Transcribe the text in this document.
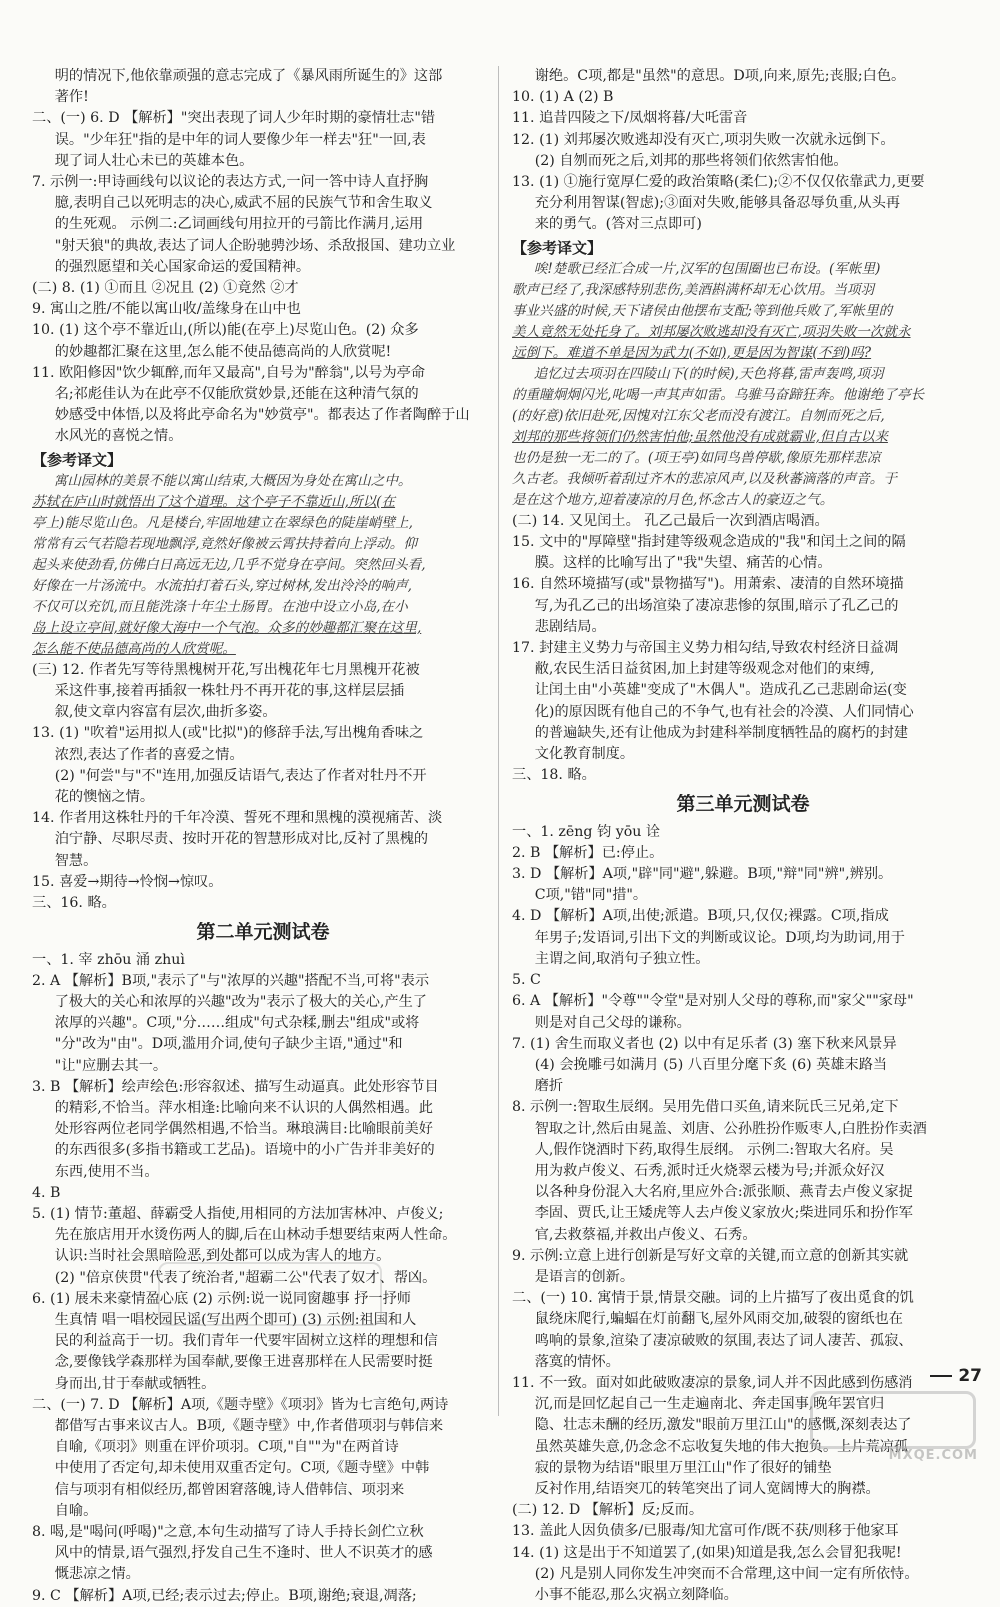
明的情况下,他依靠顽强的意志完成了《暴风雨所诞生的》这部
著作!
二、(一) 6. D 【解析】"突出表现了词人少年时期的豪情壮志"错
误。"少年狂"指的是中年的词人要像少年一样去"狂"一回,表
现了词人壮心未已的英雄本色。
7. 示例一:甲诗画线句以议论的表达方式,一问一答中诗人直抒胸
臆,表明自己以死明志的决心,威武不屈的民族气节和舍生取义
的生死观。 示例二:乙词画线句用拉开的弓箭比作满月,运用
"射天狼"的典故,表达了词人企盼驰骋沙场、杀敌报国、建功立业
的强烈愿望和关心国家命运的爱国精神。
(二) 8. (1) ①而且 ②况且 (2) ①竟然 ②才
9. 寓山之胜/不能以寓山收/盖缘身在山中也
10. (1) 这个亭不靠近山,(所以)能(在亭上)尽览山色。(2) 众多
的妙趣都汇聚在这里,怎么能不使品德高尚的人欣赏呢!
11. 欧阳修因"饮少辄醉,而年又最高",自号为"醉翁",以号为亭命
名;祁彪佳认为在此亭不仅能欣赏妙景,还能在这种清气氛的
妙感受中体悟,以及将此亭命名为"妙赏亭"。都表达了作者陶醉于山
水风光的喜悦之情。
【参考译文】
寓山园林的美景不能以寓山结束,大概因为身处在寓山之中。
苏轼在庐山时就悟出了这个道理。这个亭子不靠近山,所以(在
亭上)能尽览山色。凡是楼台,牢固地建立在翠绿色的陡崖峭壁上,
常常有云气若隐若现地飘浮,竟然好像被云霄扶持着向上浮动。仰
起头来使劲看,仿佛白日高远无边,几乎不觉身在亭间。突然回头看,
好像在一片汤流中。水流拍打着石头,穿过树林,发出泠泠的响声,
不仅可以充饥,而且能洗涤十年尘土肠胃。在池中设立小岛,在小
岛上设立亭间,就好像大海中一个气泡。众多的妙趣都汇聚在这里,
怎么能不使品德高尚的人欣赏呢。
(三) 12. 作者先写等待黑槐树开花,写出槐花年七月黑槐开花被
采这件事,接着再插叙一株牡丹不再开花的事,这样层层插
叙,使文章内容富有层次,曲折多姿。
13. (1) "吹着"运用拟人(或"比拟")的修辞手法,写出槐角香味之
浓烈,表达了作者的喜爱之情。
(2) "何尝"与"不"连用,加强反诘语气,表达了作者对牡丹不开
花的懊恼之情。
14. 作者用这株牡丹的千年冷漠、誓死不理和黑槐的漠视痛苦、淡
泊宁静、尽职尽责、按时开花的智慧形成对比,反衬了黑槐的
智慧。
15. 喜爱→期待→怜悯→惊叹。
三、16. 略。
第二单元测试卷
一、1. 宰 zhōu 涌 zhuì
2. A 【解析】B项,"表示了"与"浓厚的兴趣"搭配不当,可将"表示
了极大的关心和浓厚的兴趣"改为"表示了极大的关心,产生了
浓厚的兴趣"。C项,"分……组成"句式杂糅,删去"组成"或将
"分"改为"由"。D项,滥用介词,使句子缺少主语,"通过"和
"让"应删去其一。
3. B 【解析】绘声绘色:形容叙述、描写生动逼真。此处形容节目
的精彩,不恰当。萍水相逢:比喻向来不认识的人偶然相遇。此
处形容两位老同学偶然相遇,不恰当。琳琅满目:比喻眼前美好
的东西很多(多指书籍或工艺品)。语境中的小广告并非美好的
东西,使用不当。
4. B
5. (1) 情节:董超、薛霸受人指使,用相同的方法加害林冲、卢俊义;
先在旅店用开水烫伤两人的脚,后在山林动手想要结束两人性命。
认识:当时社会黑暗险恶,到处都可以成为害人的地方。
(2) "倍京侠贯"代表了统治者,"超霸二公"代表了奴才、帮凶。
6. (1) 展未来豪情盈心底 (2) 示例:说一说同窗趣事 抒一抒师
生真情 唱一唱校园民谣(写出两个即可) (3) 示例:祖国和人
民的利益高于一切。我们青年一代要牢固树立这样的理想和信
念,要像钱学森那样为国奉献,要像王进喜那样在人民需要时挺
身而出,甘于奉献或牺牲。
二、(一) 7. D 【解析】A项,《题寺壁》《项羽》皆为七言绝句,两诗
都借写古事来议古人。B项,《题寺壁》中,作者借项羽与韩信来
自喻,《项羽》则重在评价项羽。C项,"自""为"在两首诗
中使用了否定句,却未使用双重否定句。C项,《题寺壁》中韩
信与项羽有相似经历,都曾困窘落魄,诗人借韩信、项羽来
自喻。
8. 喝,是"喝问(呼喝)"之意,本句生动描写了诗人手持长剑伫立秋
风中的情景,语气强烈,抒发自己生不逢时、世人不识英才的感
慨悲凉之情。
9. C 【解析】A项,已经;表示过去;停止。B项,谢绝;衰退,凋落;
谢绝。C项,都是"虽然"的意思。D项,向来,原先;丧服;白色。
10. (1) A (2) B
11. 追昔四陵之下/凤烟将暮/大吒雷音
12. (1) 刘邦屡次败逃却没有灭亡,项羽失败一次就永远倒下。
(2) 自刎而死之后,刘邦的那些将领们依然害怕他。
13. (1) ①施行宽厚仁爱的政治策略(柔仁);②不仅仅依靠武力,更要
充分利用智谋(智虑);③面对失败,能够具备忍辱负重,从头再
来的勇气。(答对三点即可)
【参考译文】
唉!楚歌已经汇合成一片,汉军的包围圈也已布设。(军帐里)
歌声已经了,我深感特别悲伤,美酒斟满杯却无心饮用。当项羽
事业兴盛的时候,天下诸侯由他摆布支配;等到他兵败了,军帐里的
美人竟然无处托身了。刘邦屡次败逃却没有灭亡,项羽失败一次就永
远倒下。难道不单是因为武力(不如),更是因为智谋(不到)吗?
追忆过去项羽在四陵山下(的时候),天色将暮,雷声轰鸣,项羽
的重瞳炯炯闪光,叱喝一声其声如雷。乌骓马奋蹄狂奔。他谢绝了亭长
(的好意)依旧赴死,因愧对江东父老而没有渡江。自刎而死之后,
刘邦的那些将领们仍然害怕他;虽然他没有成就霸业,但自古以来
也仍是独一无二的了。(项王亭)如同鸟兽停歇,像原先那样悲凉
久古老。我倾听着刮过齐木的悲凉风声,以及秋蕃滴落的声音。于
是在这个地方,迎着凄凉的月色,怀念古人的豪迈之气。
(二) 14. 又见闰土。 孔乙己最后一次到酒店喝酒。
15. 文中的"厚障壁"指封建等级观念造成的"我"和闰土之间的隔
膜。这样的比喻写出了"我"失望、痛苦的心情。
16. 自然环境描写(或"景物描写")。用萧索、凄清的自然环境描
写,为孔乙己的出场渲染了凄凉悲惨的氛围,暗示了孔乙己的
悲剧结局。
17. 封建主义势力与帝国主义势力相勾结,导致农村经济日益凋
敝,农民生活日益贫困,加上封建等级观念对他们的束缚,
让闰土由"小英雄"变成了"木偶人"。造成孔乙己悲剧命运(变
化)的原因既有他自己的不争气,也有社会的冷漠、人们同情心
的普遍缺失,还有让他成为封建科举制度牺牲品的腐朽的封建
文化教育制度。
三、18. 略。
第三单元测试卷
一、1. zēng 钧 yōu 诠
2. B 【解析】已:停止。
3. D 【解析】A项,"辟"同"避",躲避。B项,"辩"同"辨",辨别。
C项,"错"同"措"。
4. D 【解析】A项,出使;派遣。B项,只,仅仅;裸露。C项,指成
年男子;发语词,引出下文的判断或议论。D项,均为助词,用于
主谓之间,取消句子独立性。
5. C
6. A 【解析】"令尊""令堂"是对别人父母的尊称,而"家父""家母"
则是对自己父母的谦称。
7. (1) 舍生而取义者也 (2) 以中有足乐者 (3) 塞下秋来风景异
(4) 会挽雕弓如满月 (5) 八百里分麾下炙 (6) 英雄末路当
磨折
8. 示例一:智取生辰纲。吴用先借口买鱼,请来阮氏三兄弟,定下
智取之计,然后由晁盖、刘唐、公孙胜扮作贩枣人,白胜扮作卖酒
人,假作饶酒时下药,取得生辰纲。 示例二:智取大名府。吴
用为救卢俊义、石秀,派时迁火烧翠云楼为号;并派众好汉
以各种身份混入大名府,里应外合:派张顺、燕青去卢俊义家捉
李固、贾氏,让王矮虎等人去卢俊义家放火;柴进同乐和扮作军
官,去救蔡福,并救出卢俊义、石秀。
9. 示例:立意上进行创新是写好文章的关键,而立意的创新其实就
是语言的创新。
二、(一) 10. 寓情于景,情景交融。词的上片描写了夜出觅食的饥
鼠绕床爬行,蝙蝠在灯前翻飞,屋外风雨交加,破裂的窗纸也在
鸣响的景象,渲染了凄凉破败的氛围,表达了词人凄苦、孤寂、
落寞的情怀。
11. 不一致。面对如此破败凄凉的景象,词人并不因此感到伤感消
沉,而是回忆起自己一生走遍南北、奔走国事,晚年罢官归
隐、壮志未酬的经历,激发"眼前万里江山"的感慨,深刻表达了
虽然英雄失意,仍念念不忘收复失地的伟大抱负。上片荒凉孤
寂的景物为结语"眼里万里江山"作了很好的铺垫
反衬作用,结语突兀的转笔突出了词人宽阔博大的胸襟。
(二) 12. D 【解析】反;反而。
13. 盖此人因负债多/已服毒/知尤富可作/既不获/则移于他家耳
14. (1) 这是出于不知道罢了,(如果)知道是我,怎么会冒犯我呢!
(2) 凡是别人同你发生冲突而不合常理,这中间一定有所依恃。
小事不能忍,那么灾祸立刻降临。
27
MXQE.COM
